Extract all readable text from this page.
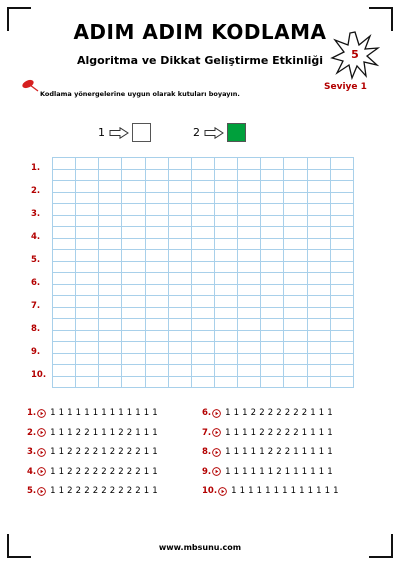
ADIM ADIM KODLAMA
Algoritma ve Dikkat Geliştirme Etkinliği	5
Seviye 1
Kodlama yönergelerine uygun olarak kutuları boyayın.
1	2

1.
2.
3.
4.
5.
6.
7.
8.
9.
10.
1. 1 1 1 1 1 1 1 1 1 1 1 1 1
2. 1 1 1 2 2 1 1 1 2 2 1 1 1
3. 1 1 2 2 2 2 1 2 2 2 2 1 1
4. 1 1 2 2 2 2 2 2 2 2 2 1 1
5. 1 1 2 2 2 2 2 2 2 2 2 1 1
6. 1 1 1 2 2 2 2 2 2 2 1 1 1
7. 1 1 1 1 2 2 2 2 2 1 1 1 1
8. 1 1 1 1 1 2 2 2 1 1 1 1 1
9. 1 1 1 1 1 1 2 1 1 1 1 1 1
10. 1 1 1 1 1 1 1 1 1 1 1 1 1
www.mbsunu.com
